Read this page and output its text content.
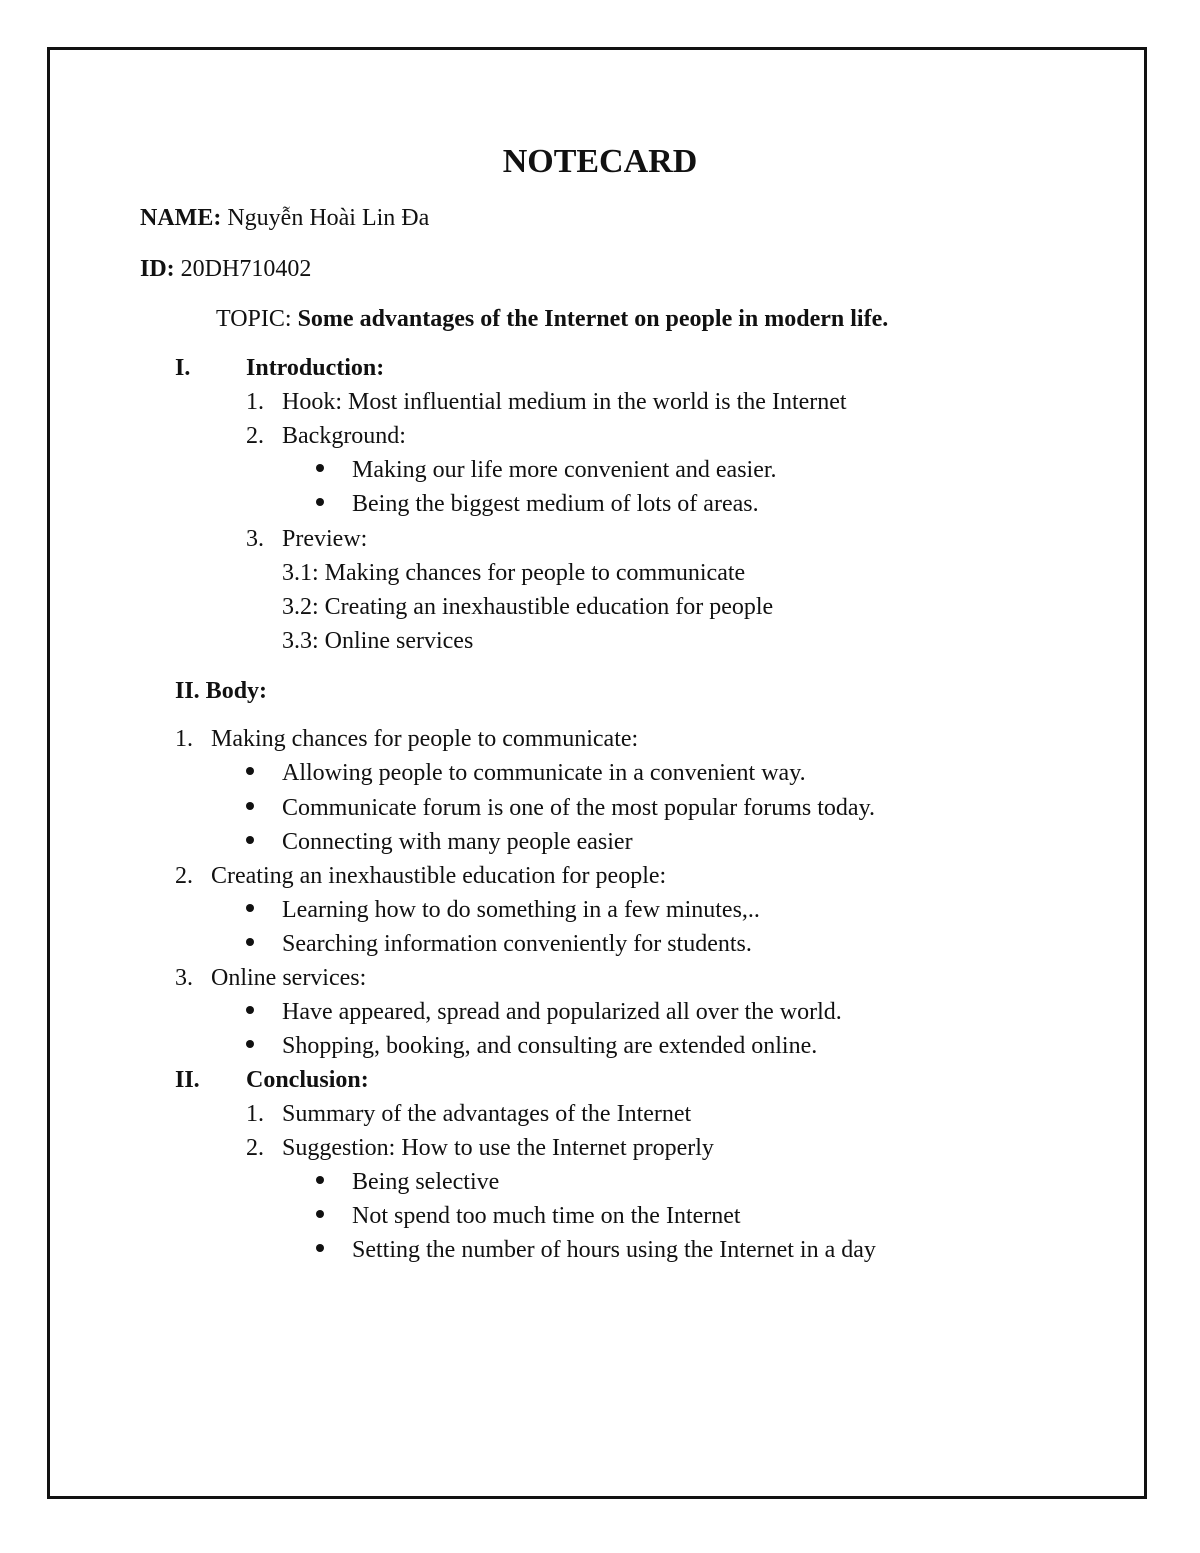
NOTECARD
NAME: Nguyễn Hoài Lin Đa
ID: 20DH710402
TOPIC: Some advantages of the Internet on people in modern life.
I. Introduction:
1. Hook: Most influential medium in the world is the Internet
2. Background:
Making our life more convenient and easier.
Being the biggest medium of lots of areas.
3. Preview:
3.1: Making chances for people to communicate
3.2: Creating an inexhaustible education for people
3.3: Online services
II. Body:
1. Making chances for people to communicate:
Allowing people to communicate in a convenient way.
Communicate forum is one of the most popular forums today.
Connecting with many people easier
2. Creating an inexhaustible education for people:
Learning how to do something in a few minutes,..
Searching information conveniently for students.
3. Online services:
Have appeared, spread and popularized all over the world.
Shopping, booking, and consulting are extended online.
II. Conclusion:
1. Summary of the advantages of the Internet
2. Suggestion: How to use the Internet properly
Being selective
Not spend too much time on the Internet
Setting the number of hours using the Internet in a day
